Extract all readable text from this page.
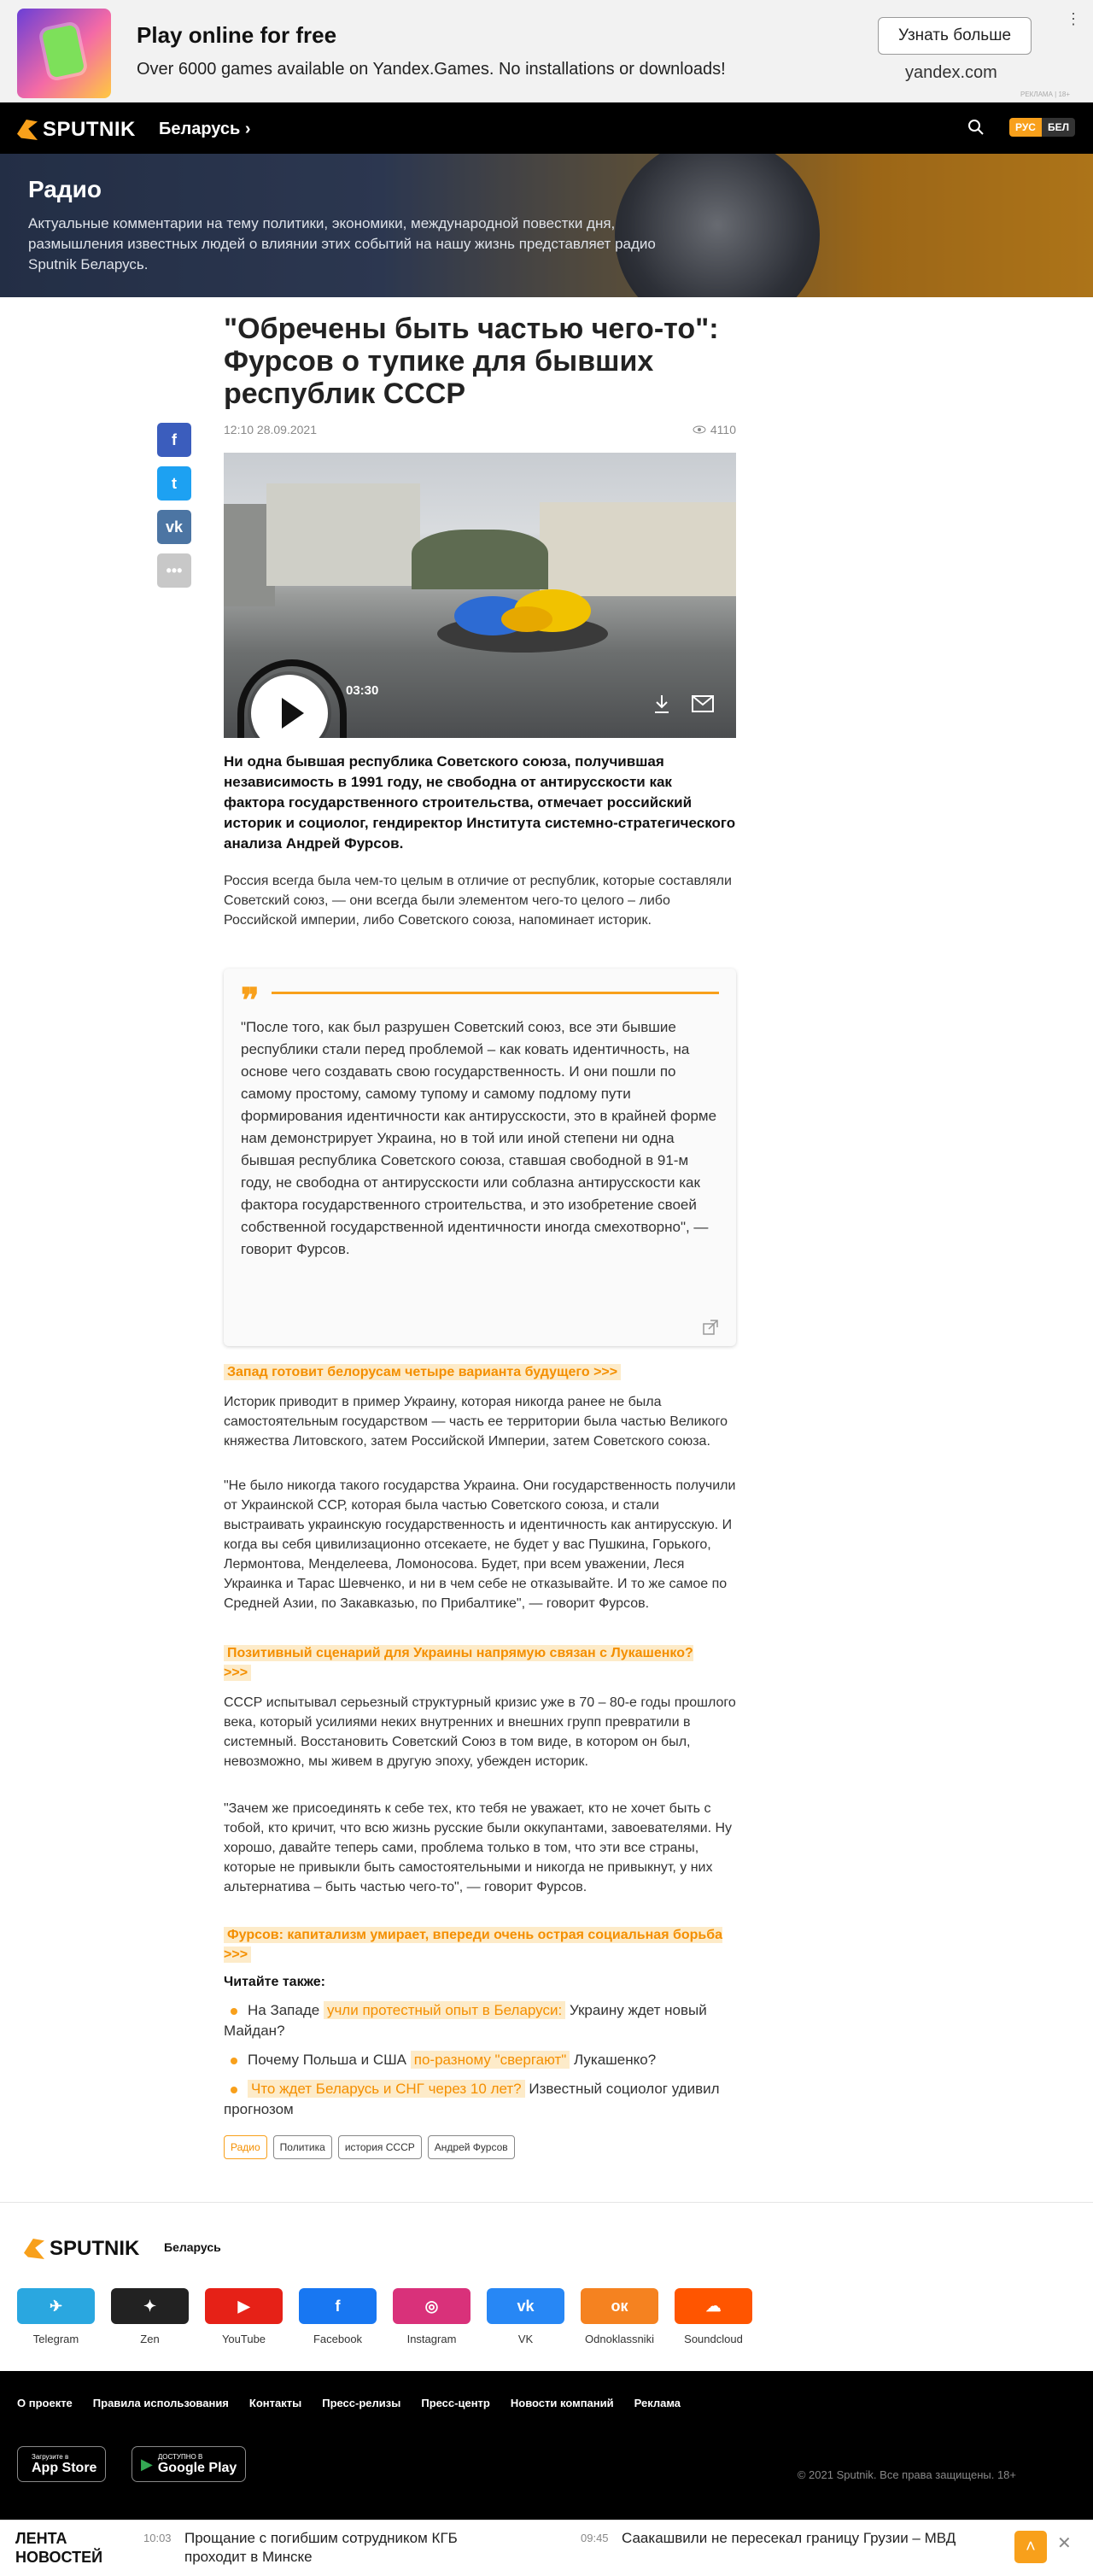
Play online for free
Over 6000 games available on Yandex.Games. No installations or downloads!
Узнать больше
yandex.com
⋮
РЕКЛАМА | 18+
SPUTNIK Беларусь ›	РУС	БЕЛ
Радио
Актуальные комментарии на тему политики, экономики, международной повестки дня, размышления известных людей о влиянии этих событий на нашу жизнь представляет радио Sputnik Беларусь.
"Обречены быть частью чего-то": Фурсов о тупике для бывших республик СССР
f
t
vk
•••
12:10 28.09.2021	4110
03:30

Ни одна бывшая республика Советского союза, получившая независимость в 1991 году, не свободна от антирусскости как фактора государственного строительства, отмечает российский историк и социолог, гендиректор Института системно-стратегического анализа Андрей Фурсов.

Россия всегда была чем-то целым в отличие от республик, которые составляли Советский союз, — они всегда были элементом чего-то целого – либо Российской империи, либо Советского союза, напоминает историк.

❞
"После того, как был разрушен Советский союз, все эти бывшие республики стали перед проблемой – как ковать идентичность, на основе чего создавать свою государственность. И они пошли по самому простому, самому тупому и самому подлому пути формирования идентичности как антирусскости, это в крайней форме нам демонстрирует Украина, но в той или иной степени ни одна бывшая республика Советского союза, ставшая свободной в 91-м году, не свободна от антирусскости или соблазна антирусскости как фактора государственного строительства, и это изобретение своей собственной государственной идентичности иногда смехотворно", — говорит Фурсов.
Запад готовит белорусам четыре варианта будущего >>>

Историк приводит в пример Украину, которая никогда ранее не была самостоятельным государством — часть ее территории была частью Великого княжества Литовского, затем Российской Империи, затем Советского союза.

"Не было никогда такого государства Украина. Они государственность получили от Украинской ССР, которая была частью Советского союза, и стали выстраивать украинскую государственность и идентичность как антирусскую. И когда вы себя цивилизационно отсекаете, не будет у вас Пушкина, Горького, Лермонтова, Менделеева, Ломоносова. Будет, при всем уважении, Леся Украинка и Тарас Шевченко, и ни в чем себе не отказывайте. И то же самое по Средней Азии, по Закавказью, по Прибалтике", — говорит Фурсов.

Позитивный сценарий для Украины напрямую связан с Лукашенко? >>>

СССР испытывал серьезный структурный кризис уже в 70 – 80-е годы прошлого века, который усилиями неких внутренних и внешних групп превратили в системный. Восстановить Советский Союз в том виде, в котором он был, невозможно, мы живем в другую эпоху, убежден историк.

"Зачем же присоединять к себе тех, кто тебя не уважает, кто не хочет быть с тобой, кто кричит, что всю жизнь русские были оккупантами, завоевателями. Ну хорошо, давайте теперь сами, проблема только в том, что эти все страны, которые не привыкли быть самостоятельными и никогда не привыкнут, у них альтернатива – быть частью чего-то", — говорит Фурсов.

Фурсов: капитализм умирает, впереди очень острая социальная борьба >>>
Читайте также:
На Западе учли протестный опыт в Беларуси: Украину ждет новый Майдан?
Почему Польша и США по-разному "свергают" Лукашенко?
Что ждет Беларусь и СНГ через 10 лет? Известный социолог удивил прогнозом
Радио	Политика	история СССР	Андрей Фурсов
SPUTNIK Беларусь
✈
Telegram
✦
Zen
▶
YouTube
f
Facebook
◎
Instagram
vk
VK
ок
Odnoklassniki
☁
Soundcloud
О проекте Правила использования Контакты Пресс-релизы Пресс-центр Новости компаний Реклама
Загрузите в
App Store	▶ ДОСТУПНО В
Google Play	© 2021 Sputnik. Все права защищены. 18+
ЛЕНТА НОВОСТЕЙ
10:03 Прощание с погибшим сотрудником КГБ проходит в Минске
09:45 Саакашвили не пересекал границу Грузии – МВД	˄	✕
